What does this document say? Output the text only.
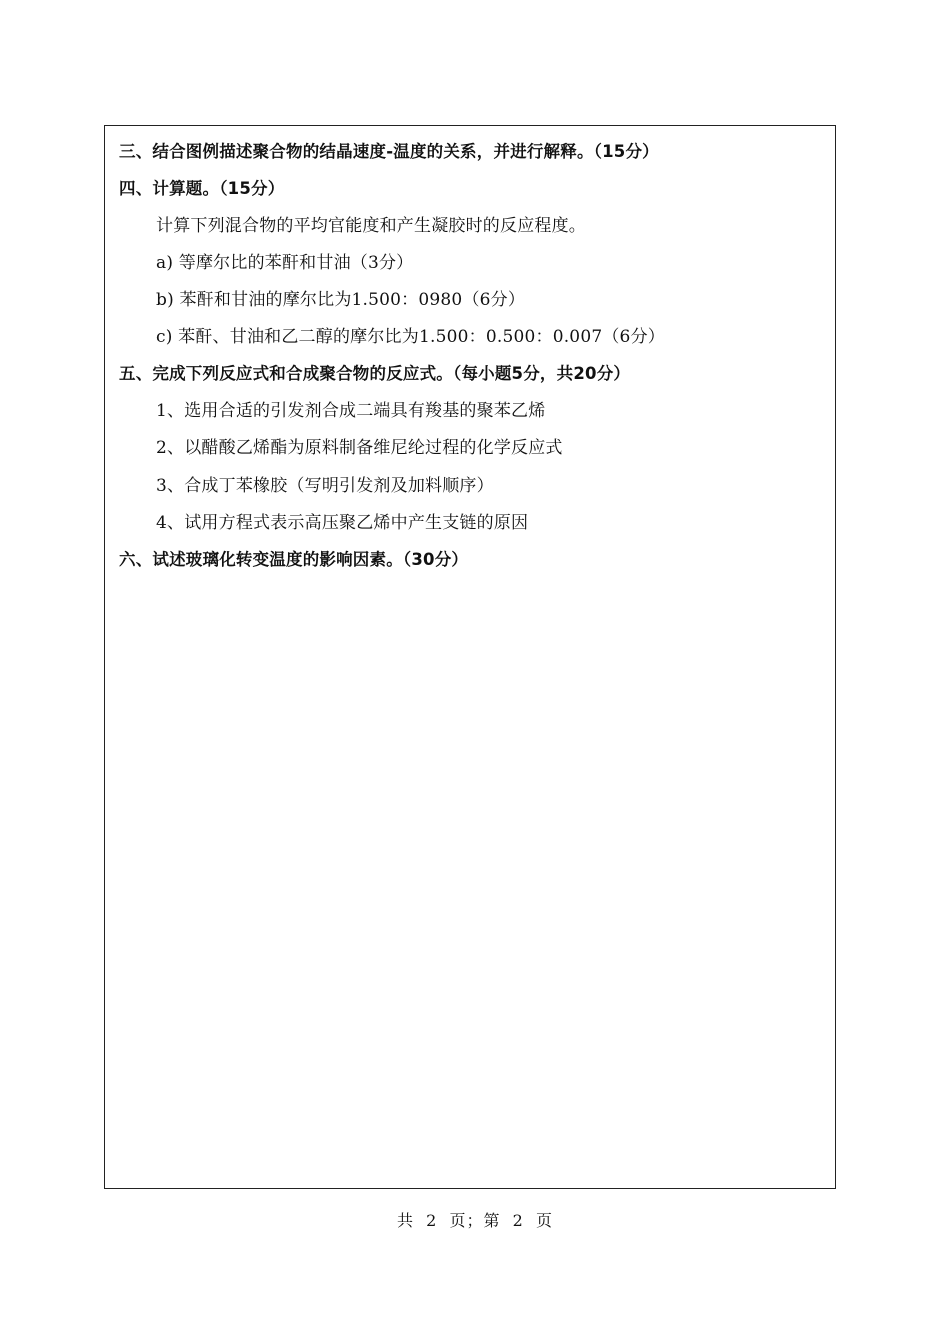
三、结合图例描述聚合物的结晶速度-温度的关系，并进行解释。（15分）
四、计算题。（15分）
计算下列混合物的平均官能度和产生凝胶时的反应程度。
a) 等摩尔比的苯酐和甘油（3分）
b) 苯酐和甘油的摩尔比为1.500：0980（6分）
c) 苯酐、甘油和乙二醇的摩尔比为1.500：0.500：0.007（6分）
五、完成下列反应式和合成聚合物的反应式。（每小题5分，共20分）
1、选用合适的引发剂合成二端具有羧基的聚苯乙烯
2、以醋酸乙烯酯为原料制备维尼纶过程的化学反应式
3、合成丁苯橡胶（写明引发剂及加料顺序）
4、试用方程式表示高压聚乙烯中产生支链的原因
六、试述玻璃化转变温度的影响因素。（30分）
共  2  页；第  2  页
